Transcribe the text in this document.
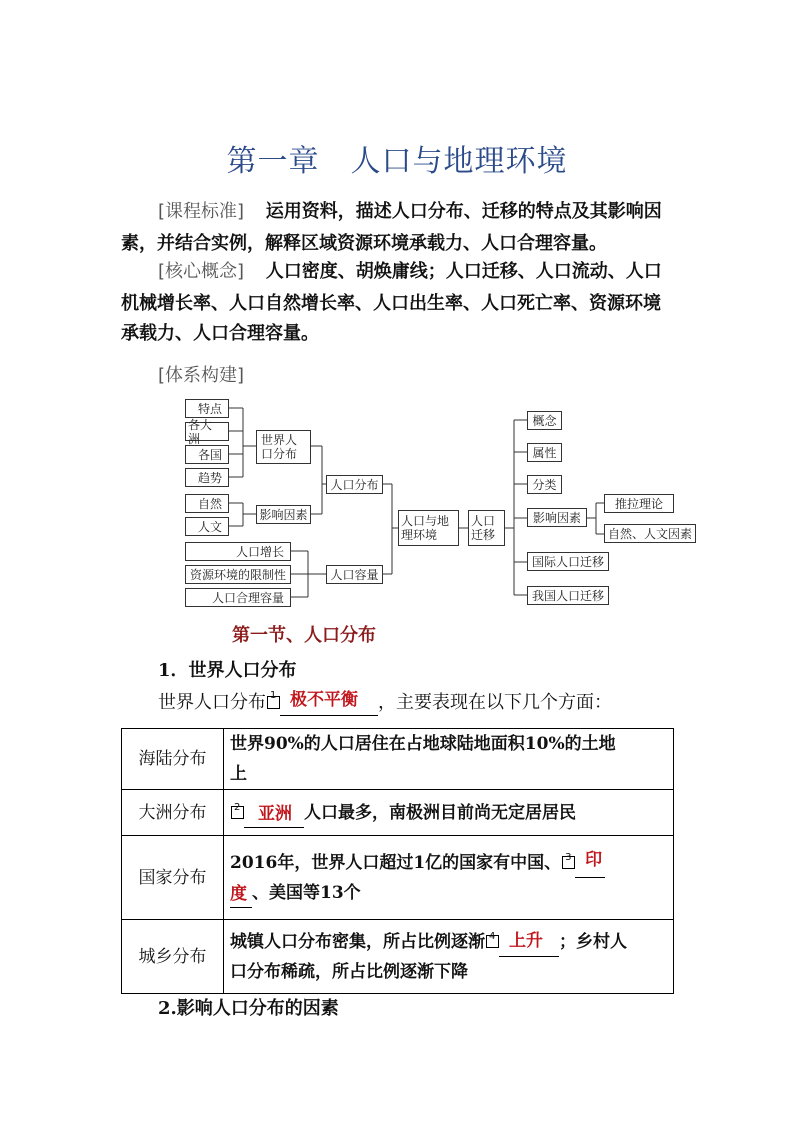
第一章　人口与地理环境
[课程标准] 运用资料，描述人口分布、迁移的特点及其影响因
素，并结合实例，解释区域资源环境承载力、人口合理容量。
[核心概念] 人口密度、胡焕庸线；人口迁移、人口流动、人口
机械增长率、人口自然增长率、人口出生率、人口死亡率、资源环境
承载力、人口合理容量。
[体系构建]
特点
各大洲
各国
趋势
世界人口分布
自然
人文
影响因素
人口分布
人口增长
资源环境的限制性
人口合理容量
人口容量
人口与地理环境
人口迁移
概念
属性
分类
影响因素
推拉理论
自然、人文因素
国际人口迁移
我国人口迁移
第一节、人口分布
1．世界人口分布
世界人口分布 1 极不平衡 ，主要表现在以下几个方面：
海陆分布	世界90%的人口居住在占地球陆地面积10%的土地
上

大洲分布	2 亚洲 人口最多，南极洲目前尚无定居居民
国家分布	2016年，世界人口超过1亿的国家有中国、 3 印
度 、美国等13个

城乡分布	城镇人口分布密集，所占比例逐渐 4 上升 ；乡村人
口分布稀疏，所占比例逐渐下降
2.影响人口分布的因素
